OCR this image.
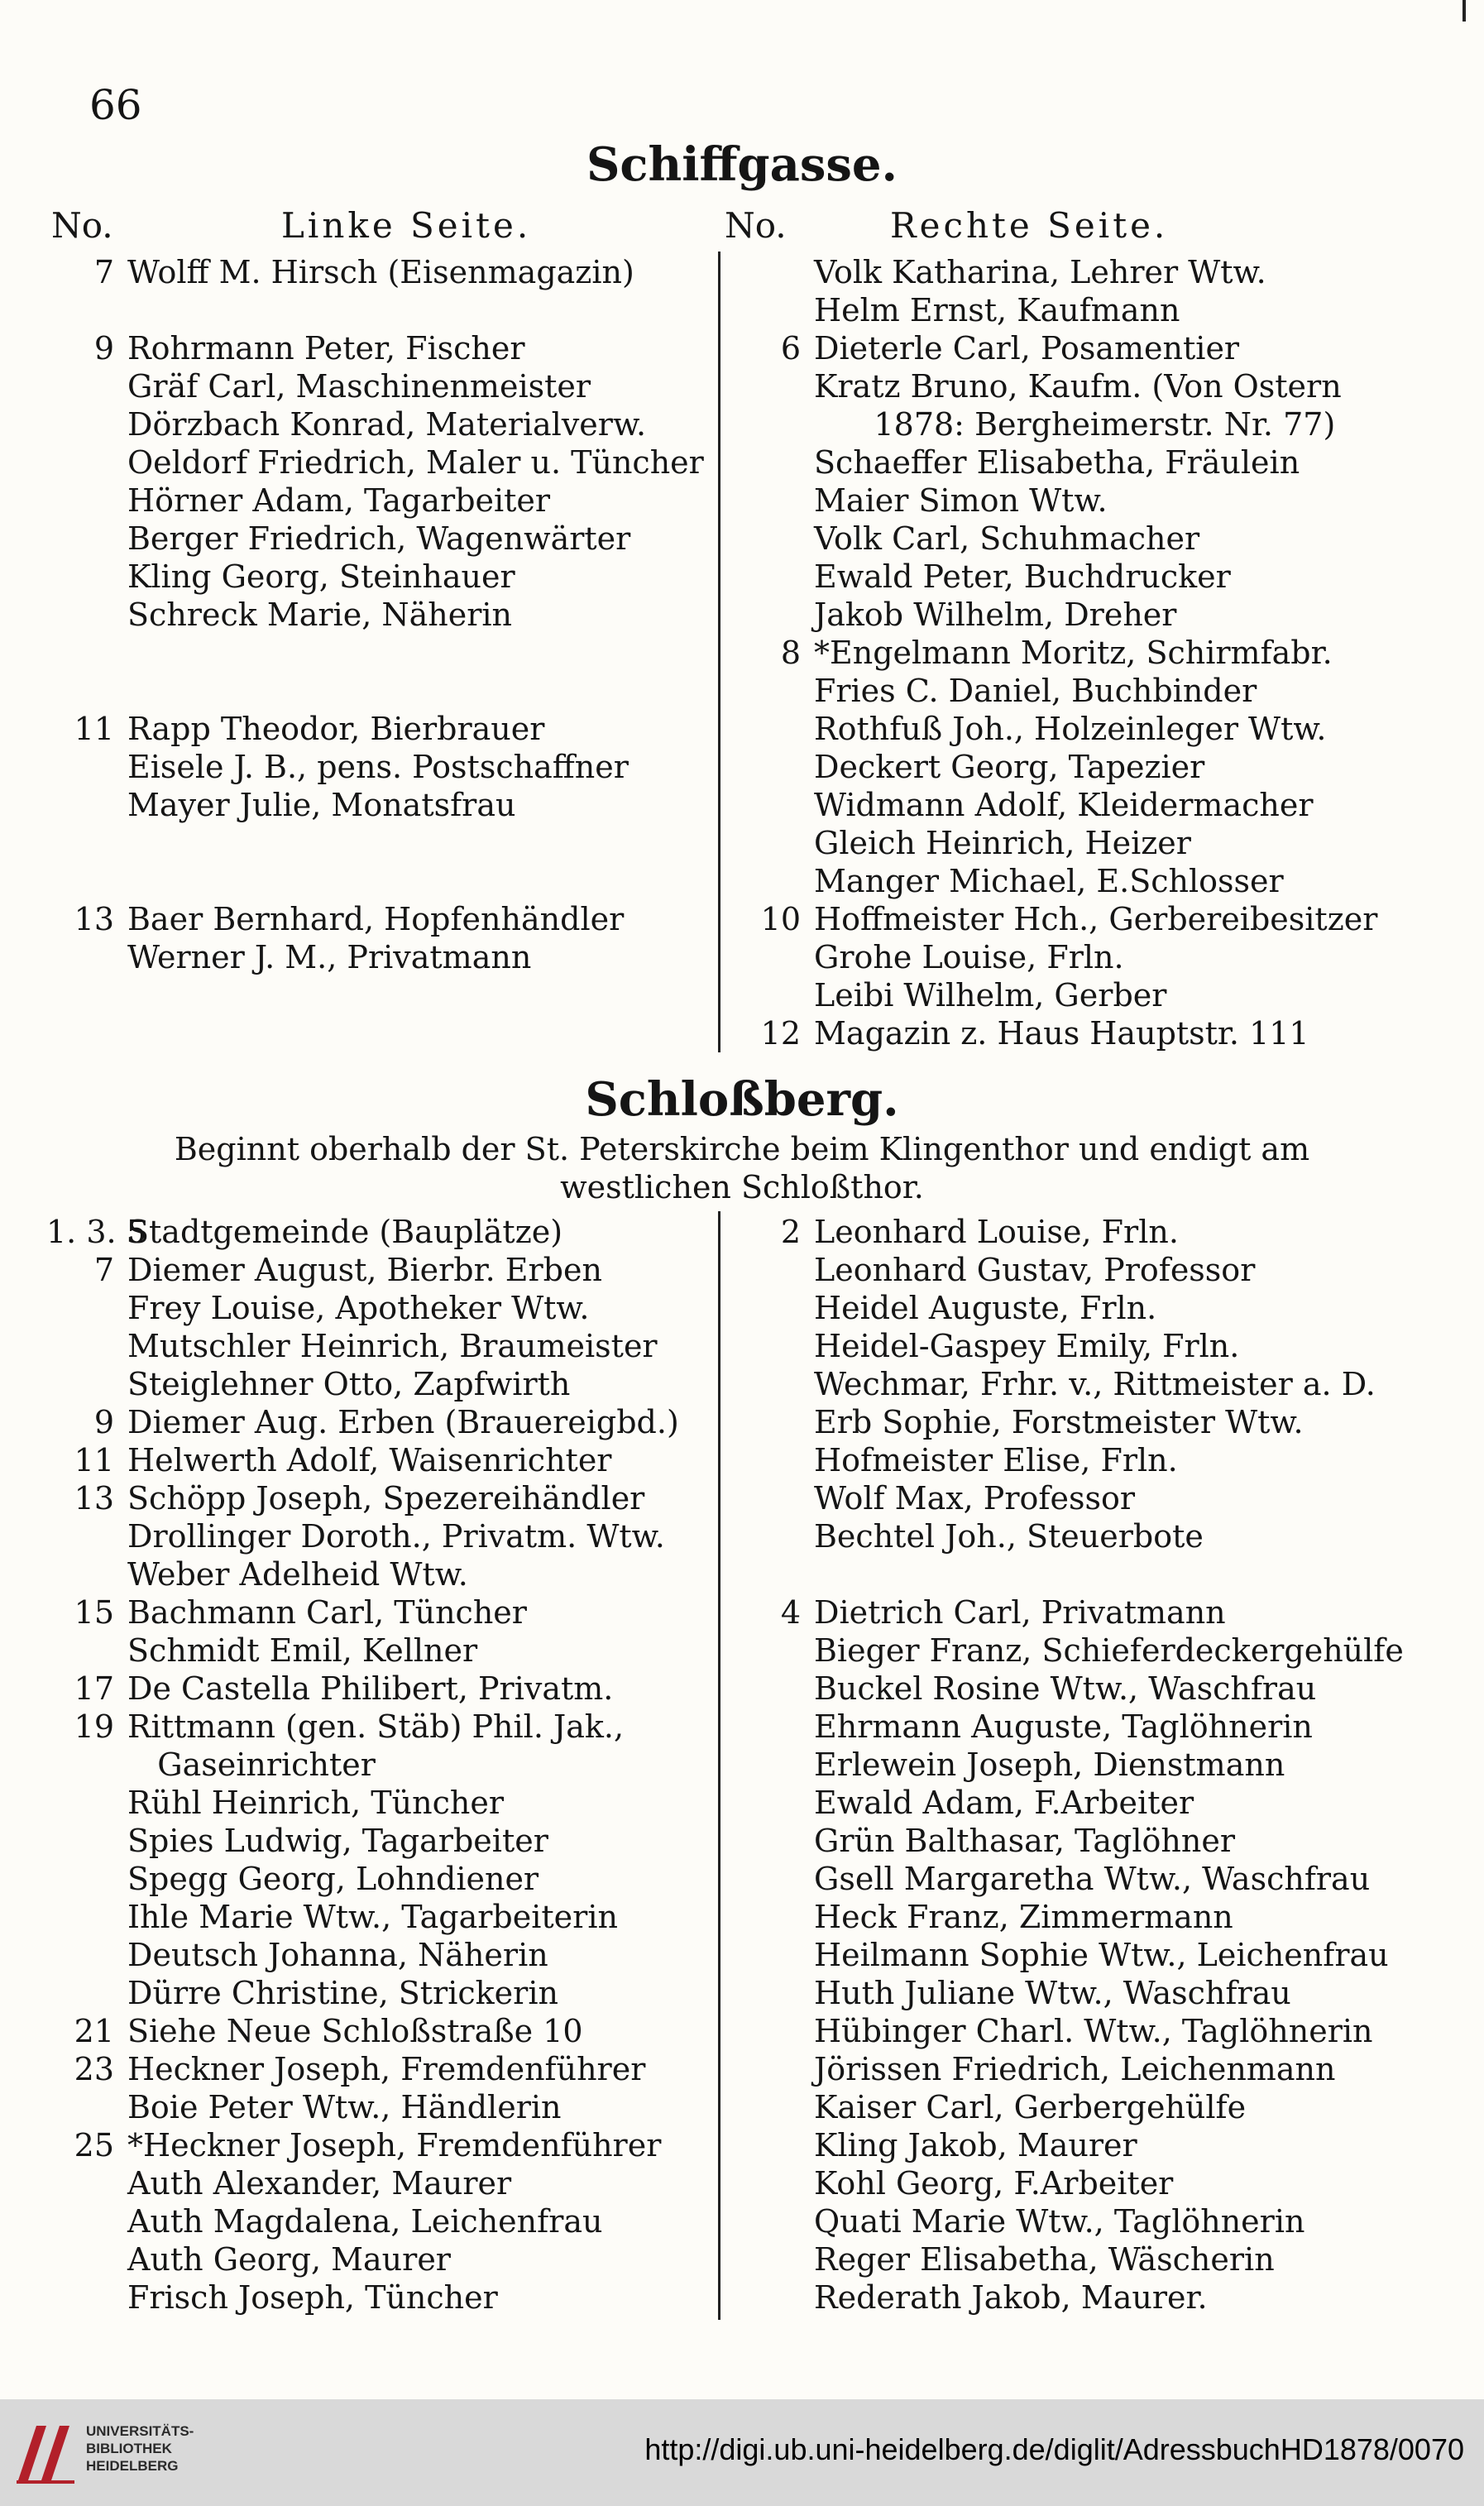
66
Schiffgasse.
No.	Linke Seite.	No.	Rechte Seite.
7 Wolff M. Hirsch (Eisenmagazin)
9 Rohrmann Peter, Fischer
Gräf Carl, Maschinenmeister
Dörzbach Konrad, Materialverw.
Oeldorf Friedrich, Maler u. Tüncher
Hörner Adam, Tagarbeiter
Berger Friedrich, Wagenwärter
Kling Georg, Steinhauer
Schreck Marie, Näherin
11 Rapp Theodor, Bierbrauer
Eisele J. B., pens. Postschaffner
Mayer Julie, Monatsfrau
13 Baer Bernhard, Hopfenhändler
Werner J. M., Privatmann
Volk Katharina, Lehrer Wtw.
Helm Ernst, Kaufmann
6 Dieterle Carl, Posamentier
Kratz Bruno, Kaufm. (Von Ostern
1878: Bergheimerstr. Nr. 77)
Schaeffer Elisabetha, Fräulein
Maier Simon Wtw.
Volk Carl, Schuhmacher
Ewald Peter, Buchdrucker
Jakob Wilhelm, Dreher
8 *Engelmann Moritz, Schirmfabr.
Fries C. Daniel, Buchbinder
Rothfuß Joh., Holzeinleger Wtw.
Deckert Georg, Tapezier
Widmann Adolf, Kleidermacher
Gleich Heinrich, Heizer
Manger Michael, E.Schlosser
10 Hoffmeister Hch., Gerbereibesitzer
Grohe Louise, Frln.
Leibi Wilhelm, Gerber
12 Magazin z. Haus Hauptstr. 111
Schloßberg.
Beginnt oberhalb der St. Peterskirche beim Klingenthor und endigt am
westlichen Schloßthor.
1. 3. 5Stadtgemeinde (Bauplätze)
7 Diemer August, Bierbr. Erben
Frey Louise, Apotheker Wtw.
Mutschler Heinrich, Braumeister
Steiglehner Otto, Zapfwirth
9 Diemer Aug. Erben (Brauereigbd.)
11 Helwerth Adolf, Waisenrichter
13 Schöpp Joseph, Spezereihändler
Drollinger Doroth., Privatm. Wtw.
Weber Adelheid Wtw.
15 Bachmann Carl, Tüncher
Schmidt Emil, Kellner
17 De Castella Philibert, Privatm.
19 Rittmann (gen. Stäb) Phil. Jak.,
Gaseinrichter
Rühl Heinrich, Tüncher
Spies Ludwig, Tagarbeiter
Spegg Georg, Lohndiener
Ihle Marie Wtw., Tagarbeiterin
Deutsch Johanna, Näherin
Dürre Christine, Strickerin
21 Siehe Neue Schloßstraße 10
23 Heckner Joseph, Fremdenführer
Boie Peter Wtw., Händlerin
25 *Heckner Joseph, Fremdenführer
Auth Alexander, Maurer
Auth Magdalena, Leichenfrau
Auth Georg, Maurer
Frisch Joseph, Tüncher
2 Leonhard Louise, Frln.
Leonhard Gustav, Professor
Heidel Auguste, Frln.
Heidel-Gaspey Emily, Frln.
Wechmar, Frhr. v., Rittmeister a. D.
Erb Sophie, Forstmeister Wtw.
Hofmeister Elise, Frln.
Wolf Max, Professor
Bechtel Joh., Steuerbote
4 Dietrich Carl, Privatmann
Bieger Franz, Schieferdeckergehülfe
Buckel Rosine Wtw., Waschfrau
Ehrmann Auguste, Taglöhnerin
Erlewein Joseph, Dienstmann
Ewald Adam, F.Arbeiter
Grün Balthasar, Taglöhner
Gsell Margaretha Wtw., Waschfrau
Heck Franz, Zimmermann
Heilmann Sophie Wtw., Leichenfrau
Huth Juliane Wtw., Waschfrau
Hübinger Charl. Wtw., Taglöhnerin
Jörissen Friedrich, Leichenmann
Kaiser Carl, Gerbergehülfe
Kling Jakob, Maurer
Kohl Georg, F.Arbeiter
Quati Marie Wtw., Taglöhnerin
Reger Elisabetha, Wäscherin
Rederath Jakob, Maurer.
UNIVERSITÄTS-
BIBLIOTHEK
HEIDELBERG	http://digi.ub.uni-heidelberg.de/diglit/AdressbuchHD1878/0070
